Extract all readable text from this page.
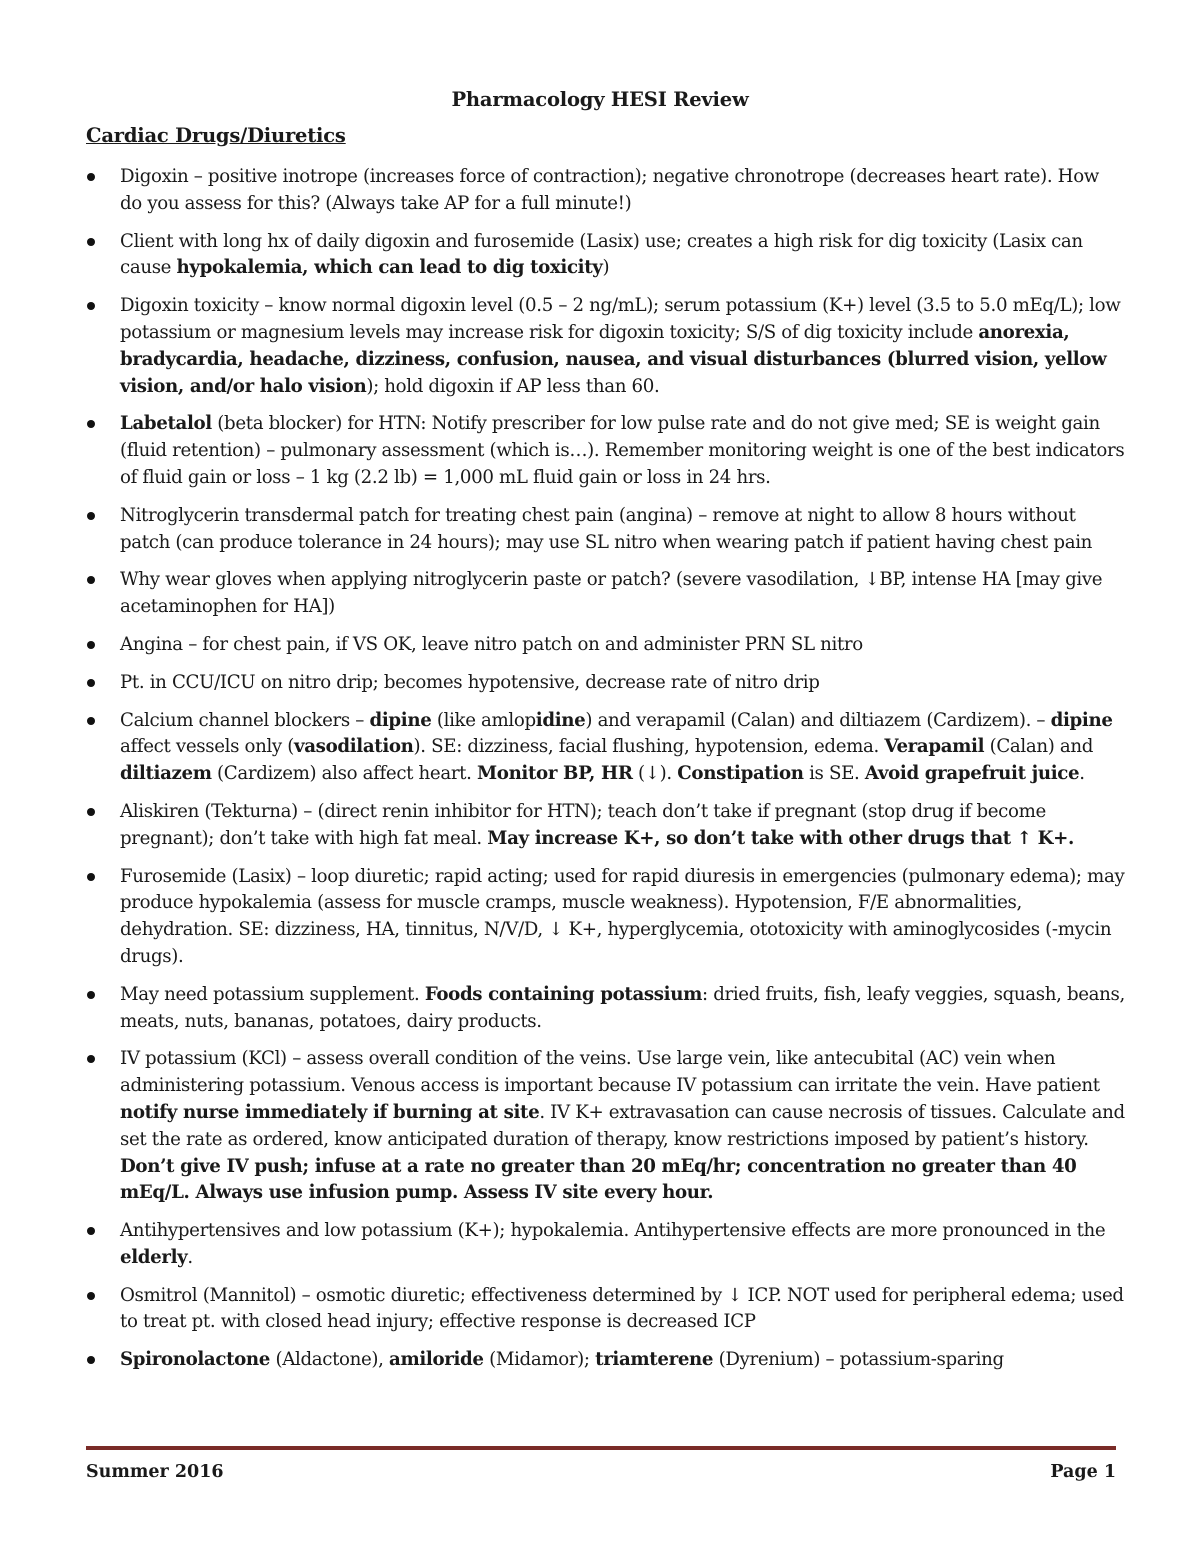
Pharmacology HESI Review
Cardiac Drugs/Diuretics
Digoxin – positive inotrope (increases force of contraction); negative chronotrope (decreases heart rate). How do you assess for this? (Always take AP for a full minute!)
Client with long hx of daily digoxin and furosemide (Lasix) use; creates a high risk for dig toxicity (Lasix can cause hypokalemia, which can lead to dig toxicity)
Digoxin toxicity – know normal digoxin level (0.5 – 2 ng/mL); serum potassium (K+) level (3.5 to 5.0 mEq/L); low potassium or magnesium levels may increase risk for digoxin toxicity; S/S of dig toxicity include anorexia, bradycardia, headache, dizziness, confusion, nausea, and visual disturbances (blurred vision, yellow vision, and/or halo vision); hold digoxin if AP less than 60.
Labetalol (beta blocker) for HTN: Notify prescriber for low pulse rate and do not give med; SE is weight gain (fluid retention) – pulmonary assessment (which is…). Remember monitoring weight is one of the best indicators of fluid gain or loss – 1 kg (2.2 lb) = 1,000 mL fluid gain or loss in 24 hrs.
Nitroglycerin transdermal patch for treating chest pain (angina) – remove at night to allow 8 hours without patch (can produce tolerance in 24 hours); may use SL nitro when wearing patch if patient having chest pain
Why wear gloves when applying nitroglycerin paste or patch? (severe vasodilation, ↓BP, intense HA [may give acetaminophen for HA])
Angina – for chest pain, if VS OK, leave nitro patch on and administer PRN SL nitro
Pt. in CCU/ICU on nitro drip; becomes hypotensive, decrease rate of nitro drip
Calcium channel blockers – dipine (like amlopidine) and verapamil (Calan) and diltiazem (Cardizem). – dipine affect vessels only (vasodilation). SE: dizziness, facial flushing, hypotension, edema. Verapamil (Calan) and diltiazem (Cardizem) also affect heart. Monitor BP, HR (↓). Constipation is SE. Avoid grapefruit juice.
Aliskiren (Tekturna) – (direct renin inhibitor for HTN); teach don’t take if pregnant (stop drug if become pregnant); don’t take with high fat meal. May increase K+, so don’t take with other drugs that ↑ K+.
Furosemide (Lasix) – loop diuretic; rapid acting; used for rapid diuresis in emergencies (pulmonary edema); may produce hypokalemia (assess for muscle cramps, muscle weakness). Hypotension, F/E abnormalities, dehydration. SE: dizziness, HA, tinnitus, N/V/D, ↓ K+, hyperglycemia, ototoxicity with aminoglycosides (-mycin drugs).
May need potassium supplement. Foods containing potassium: dried fruits, fish, leafy veggies, squash, beans, meats, nuts, bananas, potatoes, dairy products.
IV potassium (KCl) – assess overall condition of the veins. Use large vein, like antecubital (AC) vein when administering potassium. Venous access is important because IV potassium can irritate the vein. Have patient notify nurse immediately if burning at site. IV K+ extravasation can cause necrosis of tissues. Calculate and set the rate as ordered, know anticipated duration of therapy, know restrictions imposed by patient’s history. Don’t give IV push; infuse at a rate no greater than 20 mEq/hr; concentration no greater than 40 mEq/L. Always use infusion pump. Assess IV site every hour.
Antihypertensives and low potassium (K+); hypokalemia. Antihypertensive effects are more pronounced in the elderly.
Osmitrol (Mannitol) – osmotic diuretic; effectiveness determined by ↓ ICP. NOT used for peripheral edema; used to treat pt. with closed head injury; effective response is decreased ICP
Spironolactone (Aldactone), amiloride (Midamor); triamterene (Dyrenium) – potassium-sparing
Summer 2016	Page 1
